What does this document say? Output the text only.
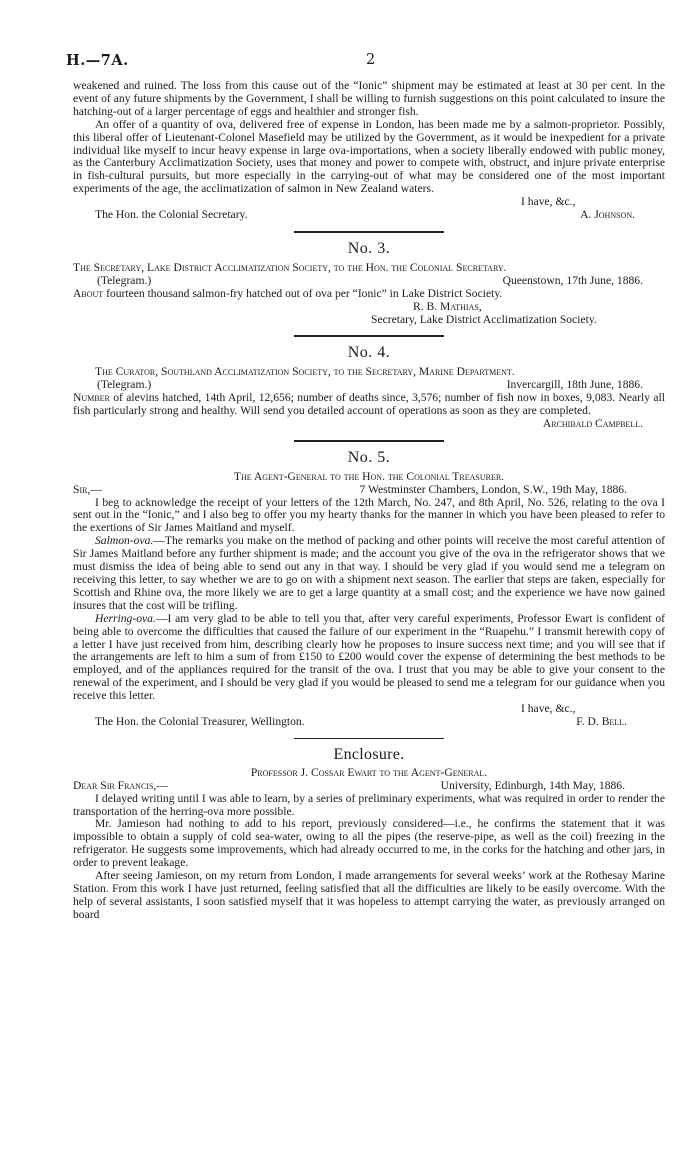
H.—7A.	2

weakened and ruined. The loss from this cause out of the “Ionic” shipment may be estimated at least at 30 per cent. In the event of any future shipments by the Government, I shall be willing to furnish suggestions on this point calculated to insure the hatching-out of a larger percentage of eggs and healthier and stronger fish.

An offer of a quantity of ova, delivered free of expense in London, has been made me by a salmon-proprietor. Possibly, this liberal offer of Lieutenant-Colonel Masefield may be utilized by the Government, as it would be inexpedient for a private individual like myself to incur heavy expense in large ova-importations, when a society liberally endowed with public money, as the Canterbury Acclimatization Society, uses that money and power to compete with, obstruct, and injure private enterprise in fish-cultural pursuits, but more especially in the carrying-out of what may be considered one of the most important experiments of the age, the acclimatization of salmon in New Zealand waters.

I have, &c.,
The Hon. the Colonial Secretary.	A. Johnson.
No. 3.

The Secretary, Lake District Acclimatization Society, to the Hon. the Colonial Secretary.

(Telegram.)	Queenstown, 17th June, 1886.

About fourteen thousand salmon-fry hatched out of ova per “Ionic” in Lake District Society.

R. B. Mathias,
Secretary, Lake District Acclimatization Society.
No. 4.

The Curator, Southland Acclimatization Society, to the Secretary, Marine Department.

(Telegram.)	Invercargill, 18th June, 1886.

Number of alevins hatched, 14th April, 12,656; number of deaths since, 3,576; number of fish now in boxes, 9,083. Nearly all fish particularly strong and healthy. Will send you detailed account of operations as soon as they are completed.

Archibald Campbell.
No. 5.
The Agent-General to the Hon. the Colonial Treasurer.
Sir,—	7 Westminster Chambers, London, S.W., 19th May, 1886.

I beg to acknowledge the receipt of your letters of the 12th March, No. 247, and 8th April, No. 526, relating to the ova I sent out in the “Ionic,” and I also beg to offer you my hearty thanks for the manner in which you have been pleased to refer to the exertions of Sir James Maitland and myself.

Salmon-ova.—The remarks you make on the method of packing and other points will receive the most careful attention of Sir James Maitland before any further shipment is made; and the account you give of the ova in the refrigerator shows that we must dismiss the idea of being able to send out any in that way. I should be very glad if you would send me a telegram on receiving this letter, to say whether we are to go on with a shipment next season. The earlier that steps are taken, especially for Scottish and Rhine ova, the more likely we are to get a large quantity at a small cost; and the experience we have now gained insures that the cost will be trifling.

Herring-ova.—I am very glad to be able to tell you that, after very careful experiments, Professor Ewart is confident of being able to overcome the difficulties that caused the failure of our experiment in the “Ruapehu.” I transmit herewith copy of a letter I have just received from him, describing clearly how he proposes to insure success next time; and you will see that if the arrangements are left to him a sum of from £150 to £200 would cover the expense of determining the best methods to be employed, and of the appliances required for the transit of the ova. I trust that you may be able to give your consent to the renewal of the experiment, and I should be very glad if you would be pleased to send me a telegram for our guidance when you receive this letter.

I have, &c.,
The Hon. the Colonial Treasurer, Wellington.	F. D. Bell.
Enclosure.
Professor J. Cossar Ewart to the Agent-General.
Dear Sir Francis,—	University, Edinburgh, 14th May, 1886.

I delayed writing until I was able to learn, by a series of preliminary experiments, what was required in order to render the transportation of the herring-ova more possible.

Mr. Jamieson had nothing to add to his report, previously considered—i.e., he confirms the statement that it was impossible to obtain a supply of cold sea-water, owing to all the pipes (the reserve-pipe, as well as the coil) freezing in the refrigerator. He suggests some improvements, which had already occurred to me, in the corks for the hatching and other jars, in order to prevent leakage.

After seeing Jamieson, on my return from London, I made arrangements for several weeks’ work at the Rothesay Marine Station. From this work I have just returned, feeling satisfied that all the difficulties are likely to be easily overcome. With the help of several assistants, I soon satisfied myself that it was hopeless to attempt carrying the water, as previously arranged on board
